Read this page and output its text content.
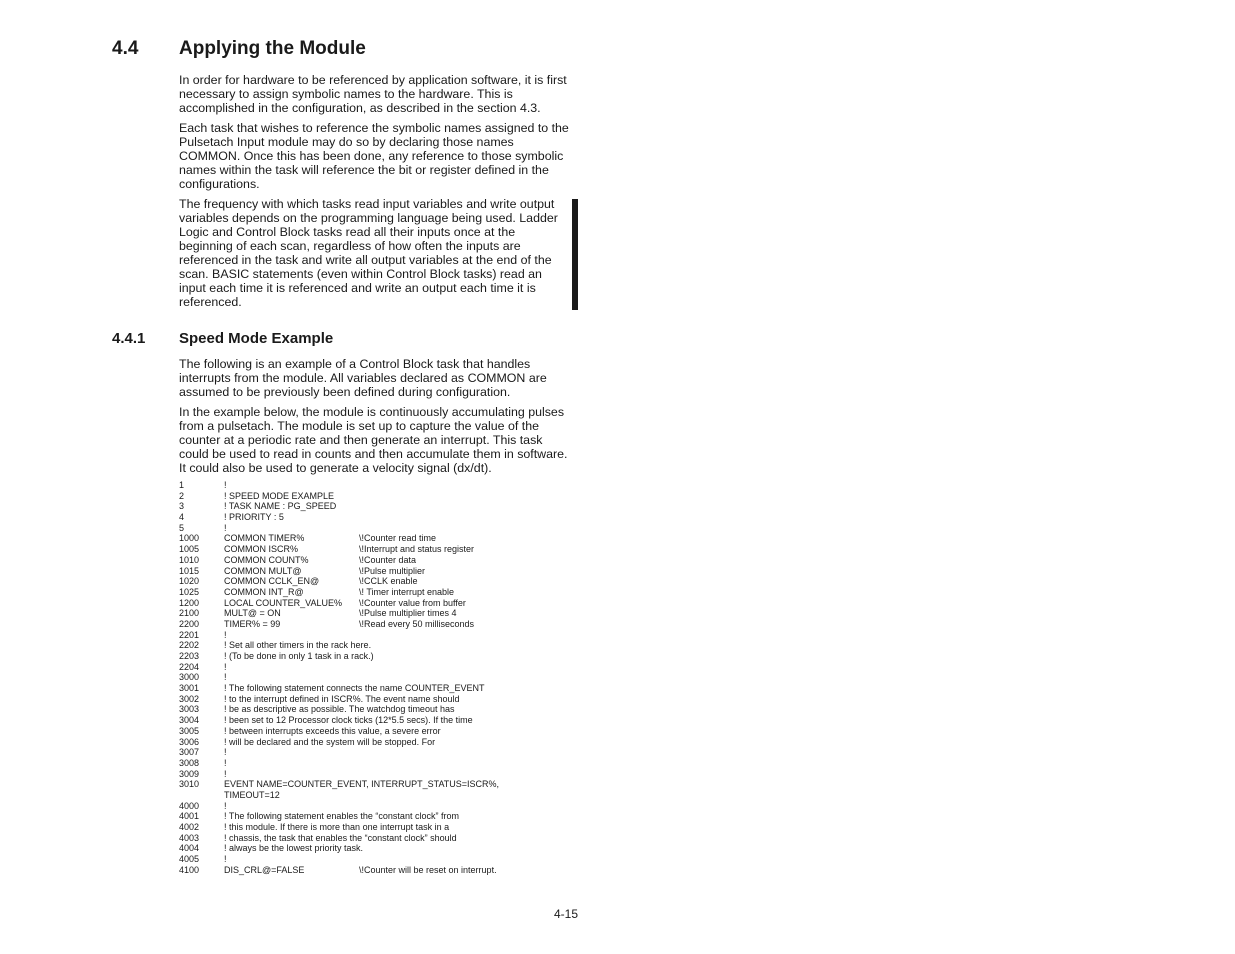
4.4 Applying the Module

In order for hardware to be referenced by application software, it is first necessary to assign symbolic names to the hardware. This is accomplished in the configuration, as described in the section 4.3.

Each task that wishes to reference the symbolic names assigned to the Pulsetach Input module may do so by declaring those names COMMON. Once this has been done, any reference to those symbolic names within the task will reference the bit or register defined in the configurations.

The frequency with which tasks read input variables and write output variables depends on the programming language being used. Ladder Logic and Control Block tasks read all their inputs once at the beginning of each scan, regardless of how often the inputs are referenced in the task and write all output variables at the end of the scan. BASIC statements (even within Control Block tasks) read an input each time it is referenced and write an output each time it is referenced.

4.4.1 Speed Mode Example

The following is an example of a Control Block task that handles interrupts from the module. All variables declared as COMMON are assumed to be previously been defined during configuration.

In the example below, the module is continuously accumulating pulses from a pulsetach. The module is set up to capture the value of the counter at a periodic rate and then generate an interrupt. This task could be used to read in counts and then accumulate them in software. It could also be used to generate a velocity signal (dx/dt).

1	!
2	! SPEED MODE EXAMPLE
3	! TASK NAME : PG_SPEED
4	! PRIORITY : 5
5	!
1000	COMMON TIMER%	\!Counter read time
1005	COMMON ISCR%	\!Interrupt and status register
1010	COMMON COUNT%	\!Counter data
1015	COMMON MULT@	\!Pulse multiplier
1020	COMMON CCLK_EN@	\!CCLK enable
1025	COMMON INT_R@	\! Timer interrupt enable
1200	LOCAL COUNTER_VALUE% \!Counter value from buffer
2100	MULT@ = ON	\!Pulse multiplier times 4
2200	TIMER% = 99	\!Read every 50 milliseconds
2201	!
2202	! Set all other timers in the rack here.
2203	! (To be done in only 1 task in a rack.)
2204	!
3000	!
3001	! The following statement connects the name COUNTER_EVENT
3002	! to the interrupt defined in ISCR%. The event name should
3003	! be as descriptive as possible. The watchdog timeout has
3004	! been set to 12 Processor clock ticks (12*5.5 secs). If the time
3005	! between interrupts exceeds this value, a severe error
3006	! will be declared and the system will be stopped. For
3007	!
3008	!
3009	!
3010	EVENT NAME=COUNTER_EVENT, INTERRUPT_STATUS=ISCR%,
TIMEOUT=12
4000	!
4001	! The following statement enables the “constant clock” from
4002	! this module. If there is more than one interrupt task in a
4003	! chassis, the task that enables the “constant clock” should
4004	! always be the lowest priority task.
4005	!
4100	DIS_CRL@=FALSE	\!Counter will be reset on interrupt.
4-15
